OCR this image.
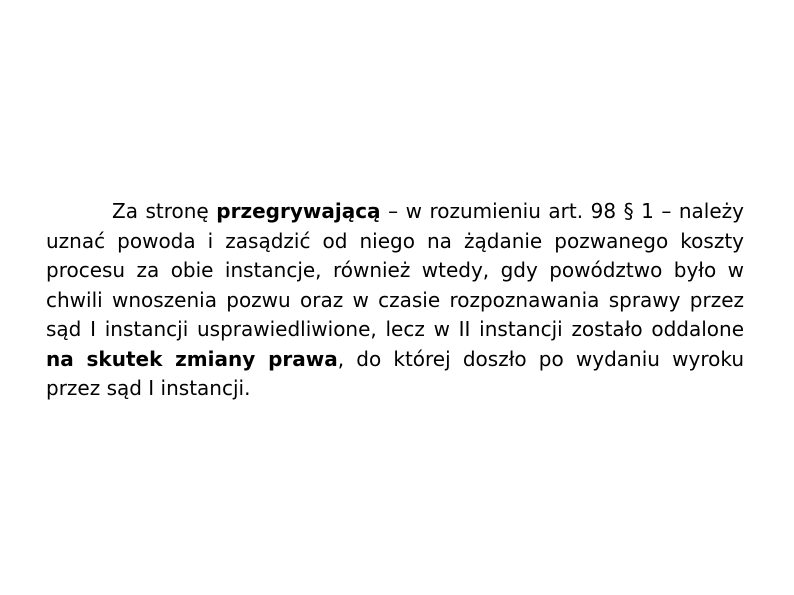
Za stronę przegrywającą – w rozumieniu art. 98 § 1 – należy uznać powoda i zasądzić od niego na żądanie pozwanego koszty procesu za obie instancje, również wtedy, gdy powództwo było w chwili wnoszenia pozwu oraz w czasie rozpoznawania sprawy przez sąd I instancji usprawiedliwione, lecz w II instancji zostało oddalone na skutek zmiany prawa, do której doszło po wydaniu wyroku przez sąd I instancji.
